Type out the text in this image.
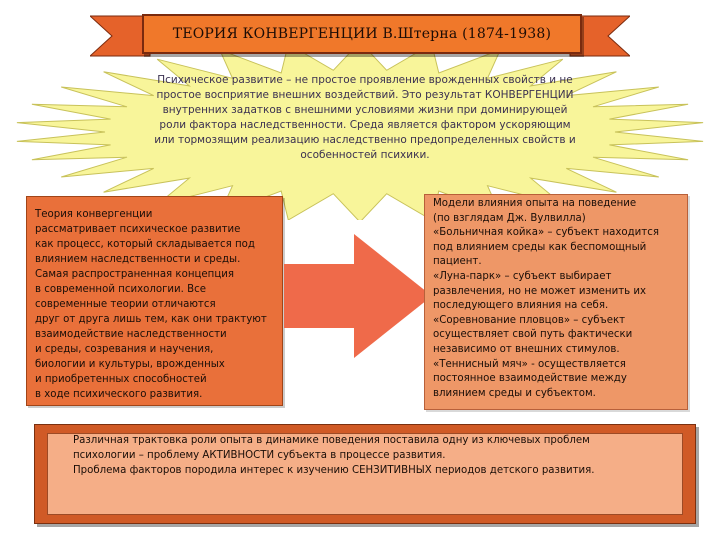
ТЕОРИЯ КОНВЕРГЕНЦИИ В.Штерна (1874-1938)
Психическое развитие – не простое проявление врожденных свойств и не простое восприятие внешних воздействий. Это результат КОНВЕРГЕНЦИИ внутренних задатков с внешними условиями жизни при доминирующей роли фактора наследственности. Среда является фактором ускоряющим или тормозящим реализацию наследственно предопределенных свойств и особенностей психики.
Теория конвергенции
рассматривает психическое развитие
как процесс, который складывается под
влиянием наследственности и среды.
Самая распространенная концепция
в современной психологии. Все
современные теории отличаются
друг от друга лишь тем, как они трактуют
взаимодействие наследственности
и среды, созревания и научения,
биологии и культуры, врожденных
и приобретенных способностей
в ходе психического развития.
Модели влияния опыта на поведение
(по взглядам Дж. Вулвилла)
«Больничная койка» – субъект находится
под влиянием среды как беспомощный
пациент.
«Луна-парк» – субъект выбирает
развлечения, но не может изменить их
последующего влияния на себя.
«Соревнование пловцов» – субъект
осуществляет свой путь фактически
независимо от внешних стимулов.
«Теннисный мяч» - осуществляется
постоянное взаимодействие между
влиянием среды и субъектом.
Различная трактовка роли опыта в динамике поведения поставила одну из ключевых проблем
психологии – проблему АКТИВНОСТИ субъекта в процессе развития.
Проблема факторов породила интерес к изучению СЕНЗИТИВНЫХ периодов детского развития.
